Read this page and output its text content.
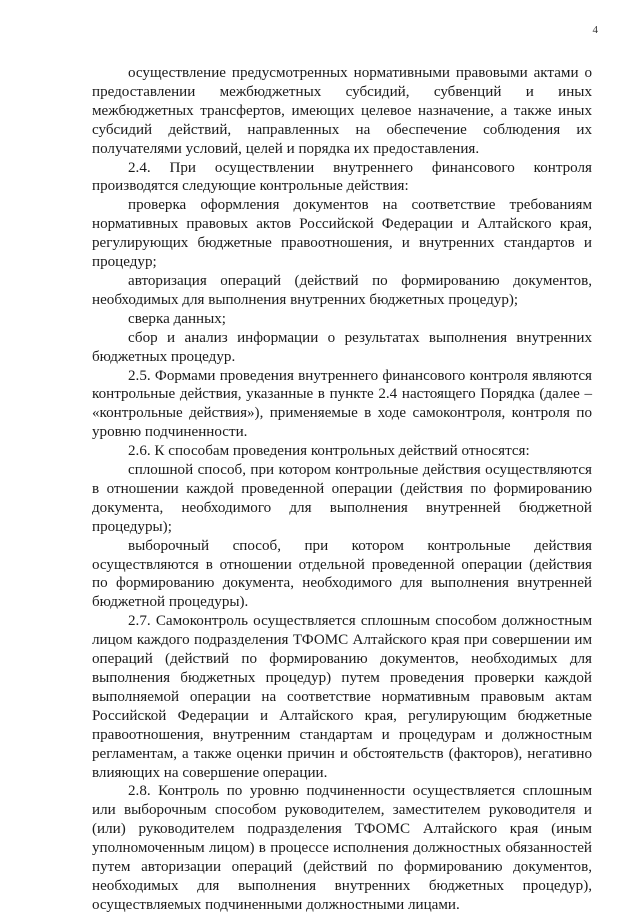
4

осуществление предусмотренных нормативными правовыми актами о предоставлении межбюджетных субсидий, субвенций и иных межбюджетных трансфертов, имеющих целевое назначение, а также иных субсидий действий, направленных на обеспечение соблюдения их получателями условий, целей и порядка их предоставления.

2.4. При осуществлении внутреннего финансового контроля производятся следующие контрольные действия:

проверка оформления документов на соответствие требованиям нормативных правовых актов Российской Федерации и Алтайского края, регулирующих бюджетные правоотношения, и внутренних стандартов и процедур;

авторизация операций (действий по формированию документов, необходимых для выполнения внутренних бюджетных процедур);

сверка данных;

сбор и анализ информации о результатах выполнения внутренних бюджетных процедур.

2.5. Формами проведения внутреннего финансового контроля являются контрольные действия, указанные в пункте 2.4 настоящего Порядка (далее – «контрольные действия»), применяемые в ходе самоконтроля, контроля по уровню подчиненности.

2.6. К способам проведения контрольных действий относятся:

сплошной способ, при котором контрольные действия осуществляются в отношении каждой проведенной операции (действия по формированию документа, необходимого для выполнения внутренней бюджетной процедуры);

выборочный способ, при котором контрольные действия осуществляются в отношении отдельной проведенной операции (действия по формированию документа, необходимого для выполнения внутренней бюджетной процедуры).

2.7. Самоконтроль осуществляется сплошным способом должностным лицом каждого подразделения ТФОМС Алтайского края при совершении им операций (действий по формированию документов, необходимых для выполнения бюджетных процедур) путем проведения проверки каждой выполняемой операции на соответствие нормативным правовым актам Российской Федерации и Алтайского края, регулирующим бюджетные правоотношения, внутренним стандартам и процедурам и должностным регламентам, а также оценки причин и обстоятельств (факторов), негативно влияющих на совершение операции.

2.8. Контроль по уровню подчиненности осуществляется сплошным или выборочным способом руководителем, заместителем руководителя и (или) руководителем подразделения ТФОМС Алтайского края (иным уполномоченным лицом) в процессе исполнения должностных обязанностей путем авторизации операций (действий по формированию документов, необходимых для выполнения внутренних бюджетных процедур), осуществляемых подчиненными должностными лицами.
